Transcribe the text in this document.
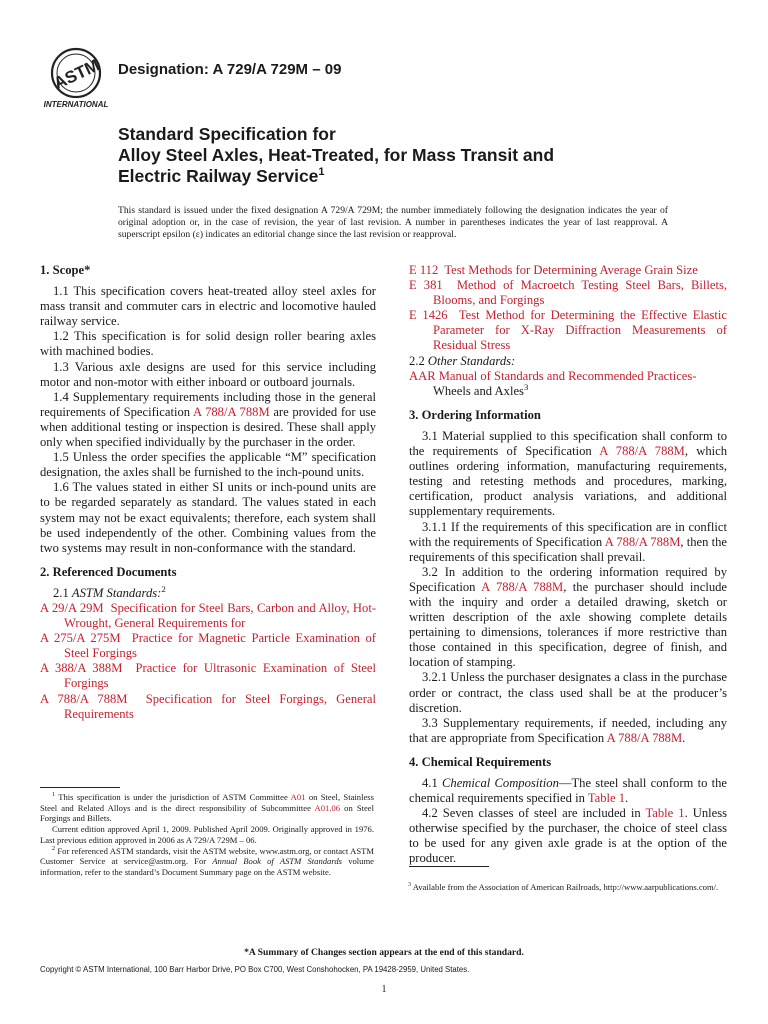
ASTM
INTERNATIONAL
Designation: A 729/A 729M – 09
Standard Specification for
Alloy Steel Axles, Heat-Treated, for Mass Transit and
Electric Railway Service$^1$
This standard is issued under the fixed designation A 729/A 729M; the number immediately following the designation indicates the year of original adoption or, in the case of revision, the year of last revision. A number in parentheses indicates the year of last reapproval. A superscript epsilon (ε) indicates an editorial change since the last revision or reapproval.

1. Scope*

1.1 This specification covers heat-treated alloy steel axles for mass transit and commuter cars in electric and locomotive hauled railway service.

1.2 This specification is for solid design roller bearing axles with machined bodies.

1.3 Various axle designs are used for this service including motor and non-motor with either inboard or outboard journals.

1.4 Supplementary requirements including those in the general requirements of Specification A 788/A 788M are provided for use when additional testing or inspection is desired. These shall apply only when specified individually by the purchaser in the order.

1.5 Unless the order specifies the applicable “M” specification designation, the axles shall be furnished to the inch-pound units.

1.6 The values stated in either SI units or inch-pound units are to be regarded separately as standard. The values stated in each system may not be exact equivalents; therefore, each system shall be used independently of the other. Combining values from the two systems may result in non-conformance with the standard.

2. Referenced Documents

2.1 ASTM Standards:$^2$

A 29/A 29M Specification for Steel Bars, Carbon and Alloy, Hot-Wrought, General Requirements for

A 275/A 275M Practice for Magnetic Particle Examination of Steel Forgings

A 388/A 388M Practice for Ultrasonic Examination of Steel Forgings

A 788/A 788M Specification for Steel Forgings, General Requirements

E 112 Test Methods for Determining Average Grain Size

E 381 Method of Macroetch Testing Steel Bars, Billets, Blooms, and Forgings

E 1426 Test Method for Determining the Effective Elastic Parameter for X-Ray Diffraction Measurements of Residual Stress

2.2 Other Standards:

AAR Manual of Standards and Recommended Practices-
Wheels and Axles$^3$

3. Ordering Information

3.1 Material supplied to this specification shall conform to the requirements of Specification A 788/A 788M, which outlines ordering information, manufacturing requirements, testing and retesting methods and procedures, marking, certification, product analysis variations, and additional supplementary requirements.

3.1.1 If the requirements of this specification are in conflict with the requirements of Specification A 788/A 788M, then the requirements of this specification shall prevail.

3.2 In addition to the ordering information required by Specification A 788/A 788M, the purchaser should include with the inquiry and order a detailed drawing, sketch or written description of the axle showing complete details pertaining to dimensions, tolerances if more restrictive than those contained in this specification, degree of finish, and location of stamping.

3.2.1 Unless the purchaser designates a class in the purchase order or contract, the class used shall be at the producer’s discretion.

3.3 Supplementary requirements, if needed, including any that are appropriate from Specification A 788/A 788M.

4. Chemical Requirements

4.1 Chemical Composition—The steel shall conform to the chemical requirements specified in Table 1.

4.2 Seven classes of steel are included in Table 1. Unless otherwise specified by the purchaser, the choice of steel class to be used for any given axle grade is at the option of the producer.

$^1$ This specification is under the jurisdiction of ASTM Committee A01 on Steel, Stainless Steel and Related Alloys and is the direct responsibility of Subcommittee A01.06 on Steel Forgings and Billets.

Current edition approved April 1, 2009. Published April 2009. Originally approved in 1976. Last previous edition approved in 2006 as A 729/A 729M – 06.

$^2$ For referenced ASTM standards, visit the ASTM website, www.astm.org, or contact ASTM Customer Service at service@astm.org. For Annual Book of ASTM Standards volume information, refer to the standard’s Document Summary page on the ASTM website.

$^3$ Available from the Association of American Railroads, http://www.aarpublications.com/.

*A Summary of Changes section appears at the end of this standard.
Copyright © ASTM International, 100 Barr Harbor Drive, PO Box C700, West Conshohocken, PA 19428-2959, United States.
1
